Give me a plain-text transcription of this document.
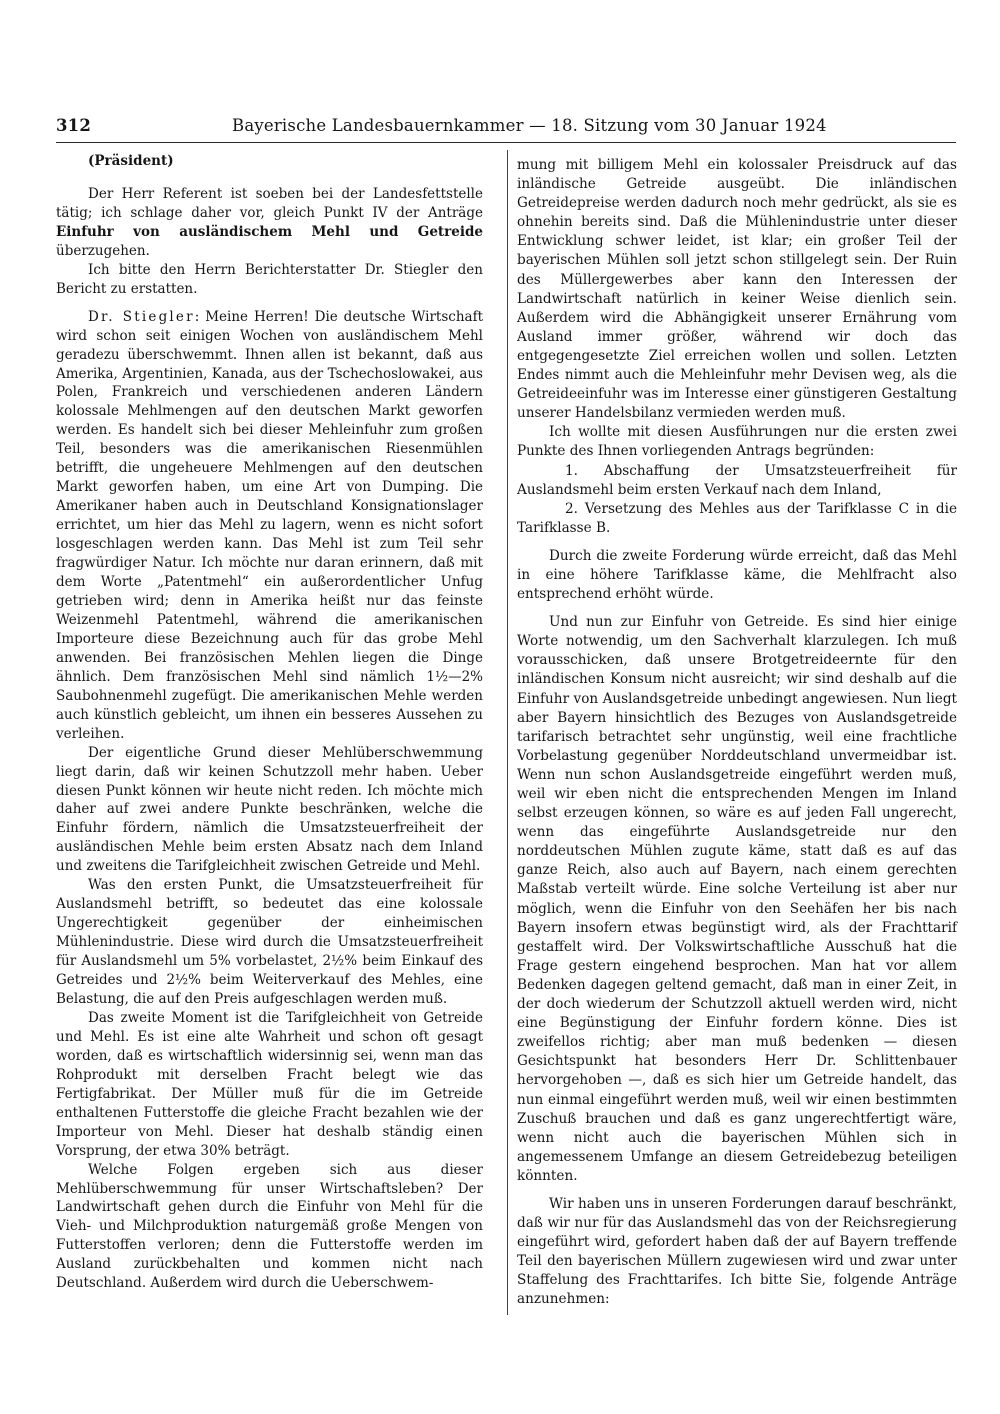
312	Bayerische Landesbauernkammer — 18. Sitzung vom 30 Januar 1924

(Präsident)

Der Herr Referent ist soeben bei der Landesfettstelle tätig; ich schlage daher vor, gleich Punkt IV der Anträge Einfuhr von ausländischem Mehl und Getreide überzugehen.

Ich bitte den Herrn Berichterstatter Dr. Stiegler den Bericht zu erstatten.

Dr. Stiegler: Meine Herren! Die deutsche Wirtschaft wird schon seit einigen Wochen von ausländischem Mehl geradezu überschwemmt. Ihnen allen ist bekannt, daß aus Amerika, Argentinien, Kanada, aus der Tschechoslowakei, aus Polen, Frankreich und verschiedenen anderen Ländern kolossale Mehlmengen auf den deutschen Markt geworfen werden. Es handelt sich bei dieser Mehleinfuhr zum großen Teil, besonders was die amerikanischen Riesenmühlen betrifft, die ungeheuere Mehlmengen auf den deutschen Markt geworfen haben, um eine Art von Dumping. Die Amerikaner haben auch in Deutschland Konsignationslager errichtet, um hier das Mehl zu lagern, wenn es nicht sofort losgeschlagen werden kann. Das Mehl ist zum Teil sehr fragwürdiger Natur. Ich möchte nur daran erinnern, daß mit dem Worte „Patentmehl“ ein außerordentlicher Unfug getrieben wird; denn in Amerika heißt nur das feinste Weizenmehl Patentmehl, während die amerikanischen Importeure diese Bezeichnung auch für das grobe Mehl anwenden. Bei französischen Mehlen liegen die Dinge ähnlich. Dem französischen Mehl sind nämlich 1½—2% Saubohnenmehl zugefügt. Die amerikanischen Mehle werden auch künstlich gebleicht, um ihnen ein besseres Aussehen zu verleihen.

Der eigentliche Grund dieser Mehlüberschwemmung liegt darin, daß wir keinen Schutzzoll mehr haben. Ueber diesen Punkt können wir heute nicht reden. Ich möchte mich daher auf zwei andere Punkte beschränken, welche die Einfuhr fördern, nämlich die Umsatzsteuerfreiheit der ausländischen Mehle beim ersten Absatz nach dem Inland und zweitens die Tarifgleichheit zwischen Getreide und Mehl.

Was den ersten Punkt, die Umsatzsteuerfreiheit für Auslandsmehl betrifft, so bedeutet das eine kolossale Ungerechtigkeit gegenüber der einheimischen Mühlenindustrie. Diese wird durch die Umsatzsteuerfreiheit für Auslandsmehl um 5% vorbelastet, 2½% beim Einkauf des Getreides und 2½% beim Weiterverkauf des Mehles, eine Belastung, die auf den Preis aufgeschlagen werden muß.

Das zweite Moment ist die Tarifgleichheit von Getreide und Mehl. Es ist eine alte Wahrheit und schon oft gesagt worden, daß es wirtschaftlich widersinnig sei, wenn man das Rohprodukt mit derselben Fracht belegt wie das Fertigfabrikat. Der Müller muß für die im Getreide enthaltenen Futterstoffe die gleiche Fracht bezahlen wie der Importeur von Mehl. Dieser hat deshalb ständig einen Vorsprung, der etwa 30% beträgt.

Welche Folgen ergeben sich aus dieser Mehlüberschwemmung für unser Wirtschaftsleben? Der Landwirtschaft gehen durch die Einfuhr von Mehl für die Vieh- und Milchproduktion naturgemäß große Mengen von Futterstoffen verloren; denn die Futterstoffe werden im Ausland zurückbehalten und kommen nicht nach Deutschland. Außerdem wird durch die Ueberschwem-

mung mit billigem Mehl ein kolossaler Preisdruck auf das inländische Getreide ausgeübt. Die inländischen Getreidepreise werden dadurch noch mehr gedrückt, als sie es ohnehin bereits sind. Daß die Mühlenindustrie unter dieser Entwicklung schwer leidet, ist klar; ein großer Teil der bayerischen Mühlen soll jetzt schon stillgelegt sein. Der Ruin des Müllergewerbes aber kann den Interessen der Landwirtschaft natürlich in keiner Weise dienlich sein. Außerdem wird die Abhängigkeit unserer Ernährung vom Ausland immer größer, während wir doch das entgegengesetzte Ziel erreichen wollen und sollen. Letzten Endes nimmt auch die Mehleinfuhr mehr Devisen weg, als die Getreideeinfuhr was im Interesse einer günstigeren Gestaltung unserer Handelsbilanz vermieden werden muß.

Ich wollte mit diesen Ausführungen nur die ersten zwei Punkte des Ihnen vorliegenden Antrags begründen:

1. Abschaffung der Umsatzsteuerfreiheit für Auslandsmehl beim ersten Verkauf nach dem Inland,

2. Versetzung des Mehles aus der Tarifklasse C in die Tarifklasse B.

Durch die zweite Forderung würde erreicht, daß das Mehl in eine höhere Tarifklasse käme, die Mehlfracht also entsprechend erhöht würde.

Und nun zur Einfuhr von Getreide. Es sind hier einige Worte notwendig, um den Sachverhalt klarzulegen. Ich muß vorausschicken, daß unsere Brotgetreideernte für den inländischen Konsum nicht ausreicht; wir sind deshalb auf die Einfuhr von Auslandsgetreide unbedingt angewiesen. Nun liegt aber Bayern hinsichtlich des Bezuges von Auslandsgetreide tarifarisch betrachtet sehr ungünstig, weil eine frachtliche Vorbelastung gegenüber Norddeutschland unvermeidbar ist. Wenn nun schon Auslandsgetreide eingeführt werden muß, weil wir eben nicht die entsprechenden Mengen im Inland selbst erzeugen können, so wäre es auf jeden Fall ungerecht, wenn das eingeführte Auslandsgetreide nur den norddeutschen Mühlen zugute käme, statt daß es auf das ganze Reich, also auch auf Bayern, nach einem gerechten Maßstab verteilt würde. Eine solche Verteilung ist aber nur möglich, wenn die Einfuhr von den Seehäfen her bis nach Bayern insofern etwas begünstigt wird, als der Frachttarif gestaffelt wird. Der Volkswirtschaftliche Ausschuß hat die Frage gestern eingehend besprochen. Man hat vor allem Bedenken dagegen geltend gemacht, daß man in einer Zeit, in der doch wiederum der Schutzzoll aktuell werden wird, nicht eine Begünstigung der Einfuhr fordern könne. Dies ist zweifellos richtig; aber man muß bedenken — diesen Gesichtspunkt hat besonders Herr Dr. Schlittenbauer hervorgehoben —, daß es sich hier um Getreide handelt, das nun einmal eingeführt werden muß, weil wir einen bestimmten Zuschuß brauchen und daß es ganz ungerechtfertigt wäre, wenn nicht auch die bayerischen Mühlen sich in angemessenem Umfange an diesem Getreidebezug beteiligen könnten.

Wir haben uns in unseren Forderungen darauf beschränkt, daß wir nur für das Auslandsmehl das von der Reichsregierung eingeführt wird, gefordert haben daß der auf Bayern treffende Teil den bayerischen Müllern zugewiesen wird und zwar unter Staffelung des Frachttarifes. Ich bitte Sie, folgende Anträge anzunehmen:
